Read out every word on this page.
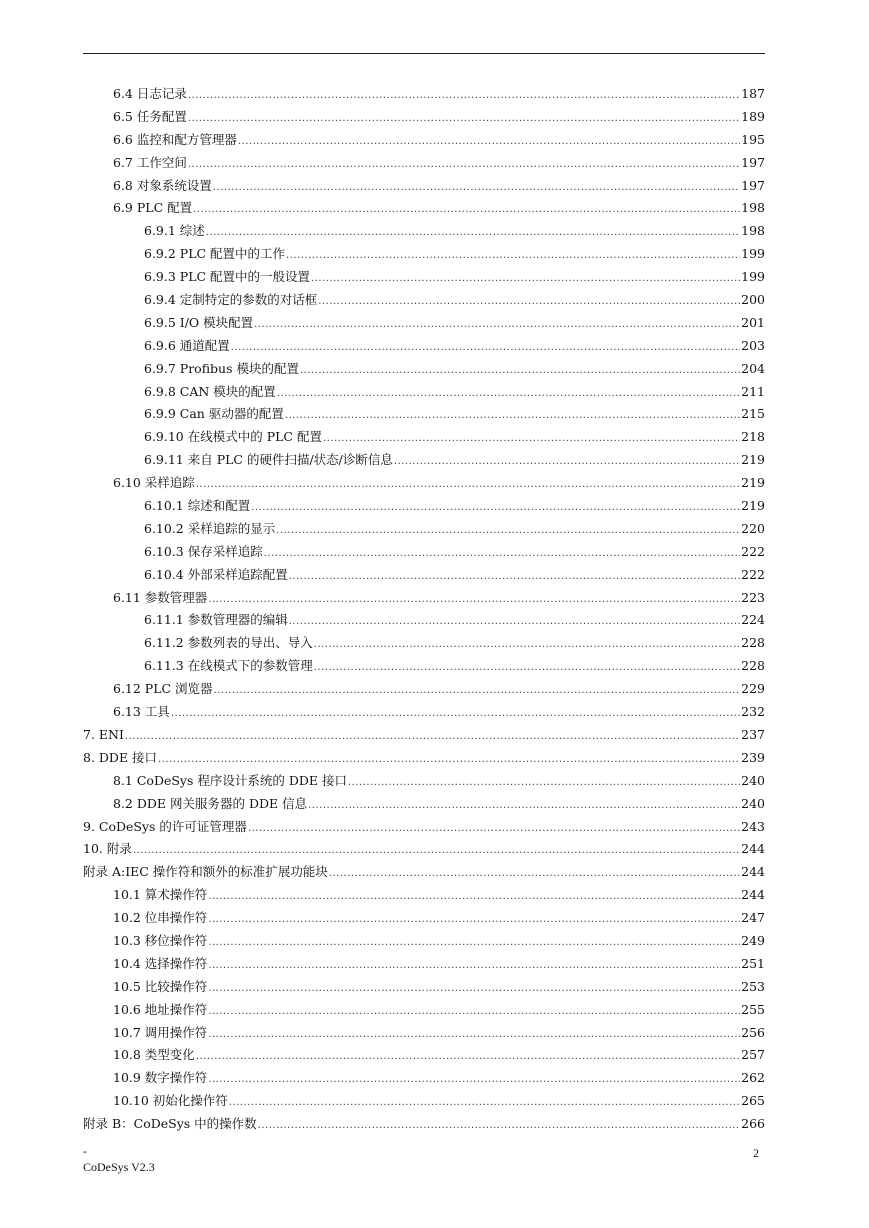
6.4 日志记录 .....	187
6.5 任务配置 .....	189
6.6 监控和配方管理器 .....	195
6.7 工作空间 .....	197
6.8 对象系统设置 .....	197
6.9 PLC 配置 .....	198
6.9.1 综述 .....	198
6.9.2 PLC 配置中的工作 .....	199
6.9.3 PLC 配置中的一般设置 .....	199
6.9.4 定制特定的参数的对话框 .....	200
6.9.5 I/O 模块配置 .....	201
6.9.6 通道配置 .....	203
6.9.7 Profibus 模块的配置 .....	204
6.9.8 CAN 模块的配置 .....	211
6.9.9 Can 驱动器的配置 .....	215
6.9.10 在线模式中的 PLC 配置 .....	218
6.9.11 来自 PLC 的硬件扫描/状态/诊断信息 .....	219
6.10 采样追踪 .....	219
6.10.1 综述和配置 .....	219
6.10.2 采样追踪的显示 .....	220
6.10.3 保存采样追踪 .....	222
6.10.4 外部采样追踪配置 .....	222
6.11 参数管理器 .....	223
6.11.1 参数管理器的编辑 .....	224
6.11.2 参数列表的导出、导入 .....	228
6.11.3 在线模式下的参数管理 .....	228
6.12 PLC 浏览器 .....	229
6.13 工具 .....	232
7. ENI .....	237
8. DDE 接口 .....	239
8.1 CoDeSys 程序设计系统的 DDE 接口 .....	240
8.2 DDE 网关服务器的 DDE 信息 .....	240
9. CoDeSys 的许可证管理器 .....	243
10. 附录 .....	244
附录 A:IEC 操作符和额外的标准扩展功能块 .....	244
10.1 算术操作符 .....	244
10.2 位串操作符 .....	247
10.3 移位操作符 .....	249
10.4 选择操作符 .....	251
10.5 比较操作符 .....	253
10.6 地址操作符 .....	255
10.7 调用操作符 .....	256
10.8 类型变化 .....	257
10.9 数字操作符 .....	262
10.10 初始化操作符 .....	265
附录 B：CoDeSys 中的操作数 .....	266
-	2
CoDeSys V2.3
